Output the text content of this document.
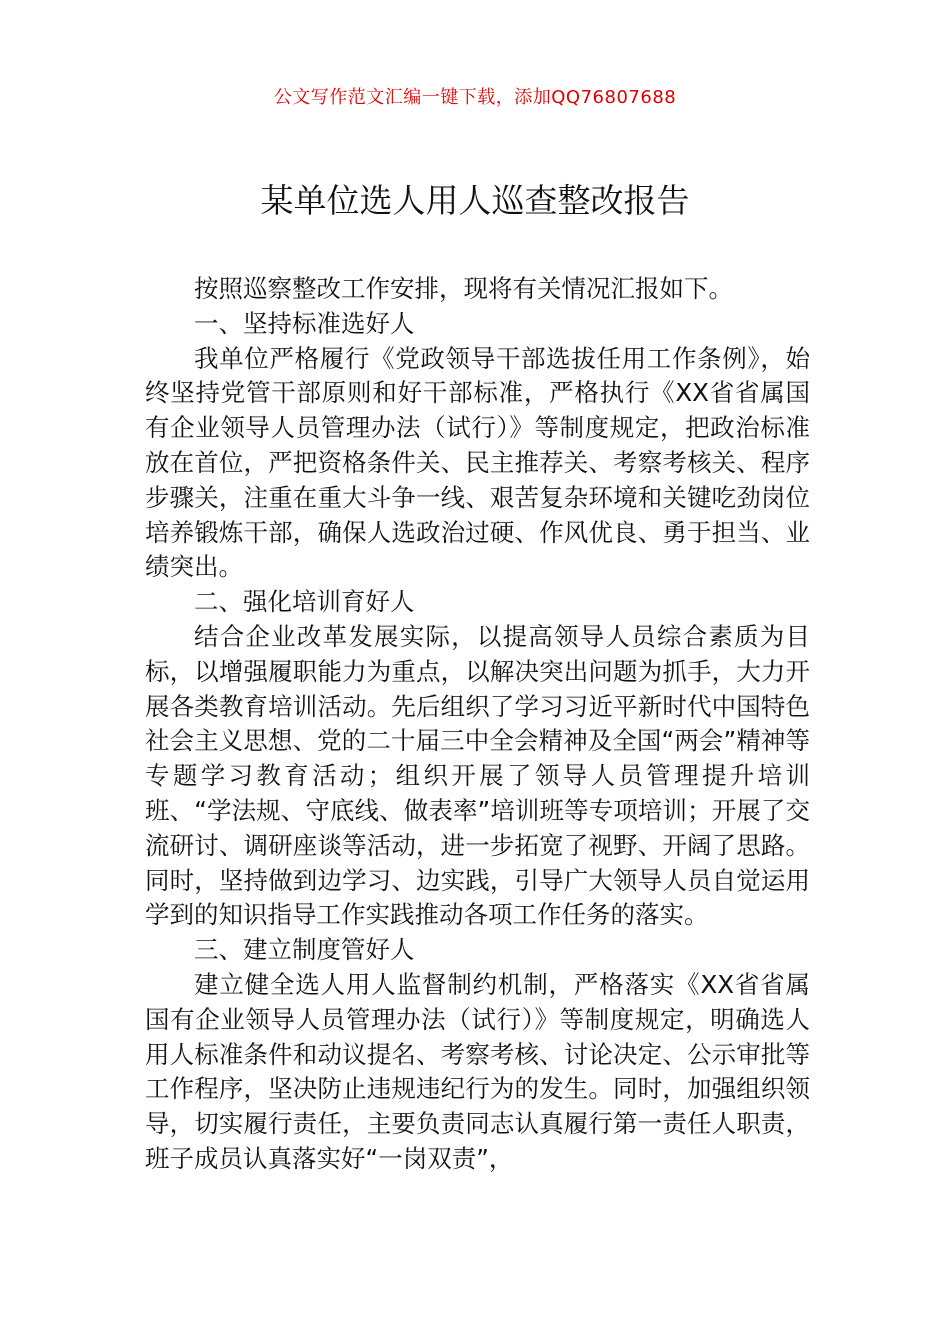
公文写作范文汇编一键下载，添加QQ76807688
某单位选人用人巡查整改报告

按照巡察整改工作安排，现将有关情况汇报如下。

一、坚持标准选好人

我单位严格履行《党政领导干部选拔任用工作条例》，始终坚持党管干部原则和好干部标准，严格执行《XX省省属国有企业领导人员管理办法（试行）》等制度规定，把政治标准放在首位，严把资格条件关、民主推荐关、考察考核关、程序步骤关，注重在重大斗争一线、艰苦复杂环境和关键吃劲岗位培养锻炼干部，确保人选政治过硬、作风优良、勇于担当、业绩突出。

二、强化培训育好人

结合企业改革发展实际，以提高领导人员综合素质为目标，以增强履职能力为重点，以解决突出问题为抓手，大力开展各类教育培训活动。先后组织了学习习近平新时代中国特色社会主义思想、党的二十届三中全会精神及全国“两会”精神等专题学习教育活动；组织开展了领导人员管理提升培训班、“学法规、守底线、做表率”培训班等专项培训；开展了交流研讨、调研座谈等活动，进一步拓宽了视野、开阔了思路。同时，坚持做到边学习、边实践，引导广大领导人员自觉运用学到的知识指导工作实践推动各项工作任务的落实。

三、建立制度管好人

建立健全选人用人监督制约机制，严格落实《XX省省属国有企业领导人员管理办法（试行）》等制度规定，明确选人用人标准条件和动议提名、考察考核、讨论决定、公示审批等工作程序，坚决防止违规违纪行为的发生。同时，加强组织领导，切实履行责任，主要负责同志认真履行第一责任人职责，班子成员认真落实好“一岗双责”，
